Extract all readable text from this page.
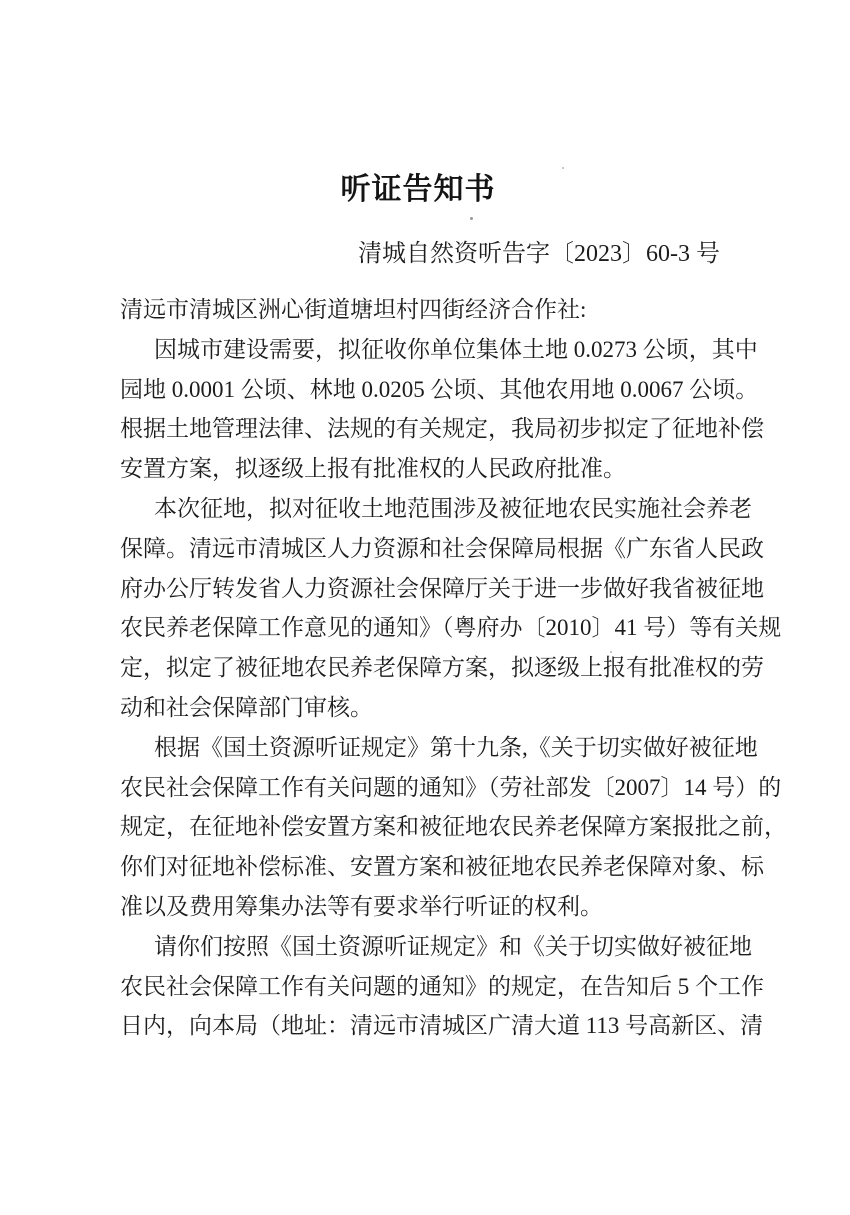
听证告知书
清城自然资听告字〔2023〕60-3 号
清远市清城区洲心街道塘坦村四街经济合作社:
因城市建设需要，拟征收你单位集体土地 0.0273 公顷，其中
园地 0.0001 公顷、林地 0.0205 公顷、其他农用地 0.0067 公顷。
根据土地管理法律、法规的有关规定，我局初步拟定了征地补偿
安置方案，拟逐级上报有批准权的人民政府批准。
本次征地，拟对征收土地范围涉及被征地农民实施社会养老
保障。清远市清城区人力资源和社会保障局根据《广东省人民政
府办公厅转发省人力资源社会保障厅关于进一步做好我省被征地
农民养老保障工作意见的通知》（粤府办〔2010〕41 号）等有关规
定，拟定了被征地农民养老保障方案，拟逐级上报有批准权的劳
动和社会保障部门审核。
根据《国土资源听证规定》第十九条,《关于切实做好被征地
农民社会保障工作有关问题的通知》（劳社部发〔2007〕14 号）的
规定，在征地补偿安置方案和被征地农民养老保障方案报批之前，
你们对征地补偿标准、安置方案和被征地农民养老保障对象、标
准以及费用筹集办法等有要求举行听证的权利。
请你们按照《国土资源听证规定》和《关于切实做好被征地
农民社会保障工作有关问题的通知》的规定，在告知后 5 个工作
日内，向本局（地址：清远市清城区广清大道 113 号高新区、清
